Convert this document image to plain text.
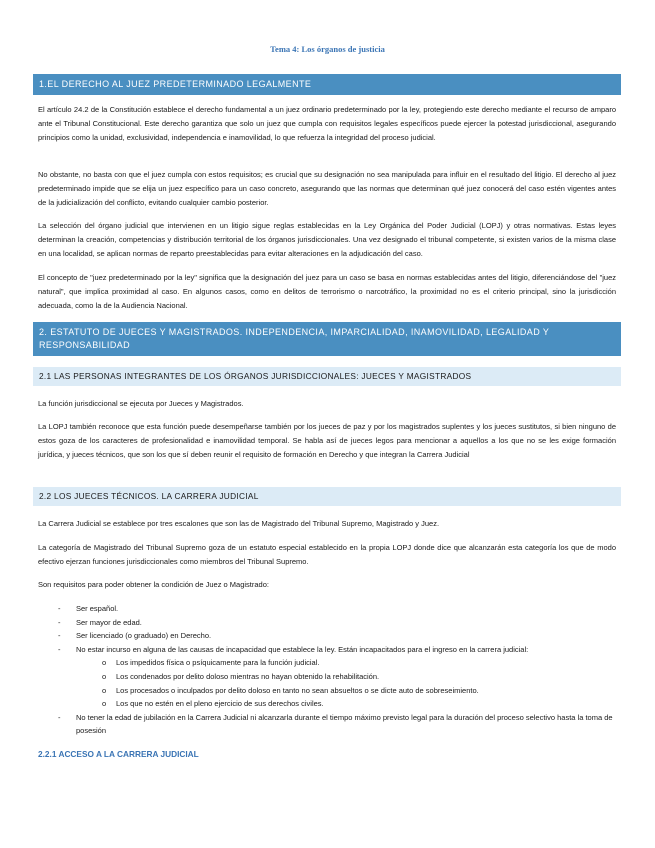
Tema 4: Los órganos de justicia
1.EL DERECHO AL JUEZ PREDETERMINADO LEGALMENTE

El artículo 24.2 de la Constitución establece el derecho fundamental a un juez ordinario predeterminado por la ley, protegiendo este derecho mediante el recurso de amparo ante el Tribunal Constitucional. Este derecho garantiza que solo un juez que cumpla con requisitos legales específicos puede ejercer la potestad jurisdiccional, asegurando principios como la unidad, exclusividad, independencia e inamovilidad, lo que refuerza la integridad del proceso judicial.

No obstante, no basta con que el juez cumpla con estos requisitos; es crucial que su designación no sea manipulada para influir en el resultado del litigio. El derecho al juez predeterminado impide que se elija un juez específico para un caso concreto, asegurando que las normas que determinan qué juez conocerá del caso estén vigentes antes de la judicialización del conflicto, evitando cualquier cambio posterior.

La selección del órgano judicial que intervienen en un litigio sigue reglas establecidas en la Ley Orgánica del Poder Judicial (LOPJ) y otras normativas. Estas leyes determinan la creación, competencias y distribución territorial de los órganos jurisdiccionales. Una vez designado el tribunal competente, si existen varios de la misma clase en una localidad, se aplican normas de reparto preestablecidas para evitar alteraciones en la adjudicación del caso.

El concepto de "juez predeterminado por la ley" significa que la designación del juez para un caso se basa en normas establecidas antes del litigio, diferenciándose del "juez natural", que implica proximidad al caso. En algunos casos, como en delitos de terrorismo o narcotráfico, la proximidad no es el criterio principal, sino la jurisdicción adecuada, como la de la Audiencia Nacional.

2. ESTATUTO DE JUECES Y MAGISTRADOS. INDEPENDENCIA, IMPARCIALIDAD, INAMOVILIDAD, LEGALIDAD Y RESPONSABILIDAD
2.1 LAS PERSONAS INTEGRANTES DE LOS ÓRGANOS JURISDICCIONALES: JUECES Y MAGISTRADOS

La función jurisdiccional se ejecuta por Jueces y Magistrados.

La LOPJ también reconoce que esta función puede desempeñarse también por los jueces de paz y por los magistrados suplentes y los jueces sustitutos, si bien ninguno de estos goza de los caracteres de profesionalidad e inamovilidad temporal. Se habla así de jueces legos para mencionar a aquellos a los que no se les exige formación jurídica, y jueces técnicos, que son los que sí deben reunir el requisito de formación en Derecho y que integran la Carrera Judicial

2.2 LOS JUECES TÉCNICOS. LA CARRERA JUDICIAL

La Carrera Judicial se establece por tres escalones que son las de Magistrado del Tribunal Supremo, Magistrado y Juez.

La categoría de Magistrado del Tribunal Supremo goza de un estatuto especial establecido en la propia LOPJ donde dice que alcanzarán esta categoría los que de modo efectivo ejerzan funciones jurisdiccionales como miembros del Tribunal Supremo.

Son requisitos para poder obtener la condición de Juez o Magistrado:

- Ser español.
- Ser mayor de edad.
- Ser licenciado (o graduado) en Derecho.
- No estar incurso en alguna de las causas de incapacidad que establece la ley. Están incapacitados para el ingreso en la carrera judicial:
o Los impedidos física o psíquicamente para la función judicial.
o Los condenados por delito doloso mientras no hayan obtenido la rehabilitación.
o Los procesados o inculpados por delito doloso en tanto no sean absueltos o se dicte auto de sobreseimiento.
o Los que no estén en el pleno ejercicio de sus derechos civiles.
- No tener la edad de jubilación en la Carrera Judicial ni alcanzarla durante el tiempo máximo previsto legal para la duración del proceso selectivo hasta la toma de posesión
2.2.1 ACCESO A LA CARRERA JUDICIAL
